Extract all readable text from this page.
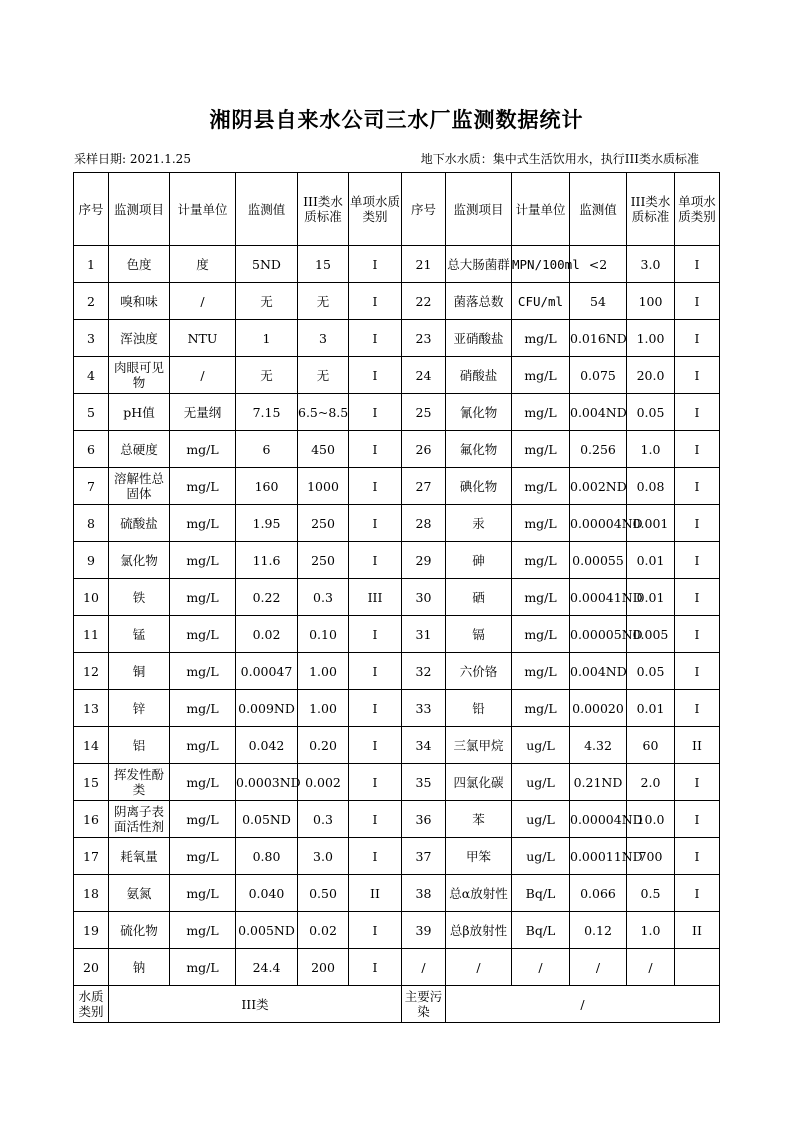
湘阴县自来水公司三水厂监测数据统计
采样日期: 2021.1.25	地下水水质：集中式生活饮用水，执行III类水质标准
序号	监测项目	计量单位	监测值	III类水质标准	单项水质类别	序号	监测项目	计量单位	监测值	III类水质标准	单项水质类别
1	色度	度	5ND	15	I	21	总大肠菌群	MPN/100ml	<2	3.0	I
2	嗅和味	/	无	无	I	22	菌落总数	CFU/ml	54	100	I
3	浑浊度	NTU	1	3	I	23	亚硝酸盐	mg/L	0.016ND	1.00	I
4	肉眼可见物	/	无	无	I	24	硝酸盐	mg/L	0.075	20.0	I
5	pH值	无量纲	7.15	6.5~8.5	I	25	氰化物	mg/L	0.004ND	0.05	I
6	总硬度	mg/L	6	450	I	26	氟化物	mg/L	0.256	1.0	I
7	溶解性总固体	mg/L	160	1000	I	27	碘化物	mg/L	0.002ND	0.08	I
8	硫酸盐	mg/L	1.95	250	I	28	汞	mg/L	0.00004ND	0.001	I
9	氯化物	mg/L	11.6	250	I	29	砷	mg/L	0.00055	0.01	I
10	铁	mg/L	0.22	0.3	III	30	硒	mg/L	0.00041ND	0.01	I
11	锰	mg/L	0.02	0.10	I	31	镉	mg/L	0.00005ND	0.005	I
12	铜	mg/L	0.00047	1.00	I	32	六价铬	mg/L	0.004ND	0.05	I
13	锌	mg/L	0.009ND	1.00	I	33	铅	mg/L	0.00020	0.01	I
14	铝	mg/L	0.042	0.20	I	34	三氯甲烷	ug/L	4.32	60	II
15	挥发性酚类	mg/L	0.0003ND	0.002	I	35	四氯化碳	ug/L	0.21ND	2.0	I
16	阴离子表面活性剂	mg/L	0.05ND	0.3	I	36	苯	ug/L	0.00004ND	10.0	I
17	耗氧量	mg/L	0.80	3.0	I	37	甲笨	ug/L	0.00011ND	700	I
18	氨氮	mg/L	0.040	0.50	II	38	总α放射性	Bq/L	0.066	0.5	I
19	硫化物	mg/L	0.005ND	0.02	I	39	总β放射性	Bq/L	0.12	1.0	II
20	钠	mg/L	24.4	200	I	/	/	/	/	/	
水质类别	III类					主要污染	/				
